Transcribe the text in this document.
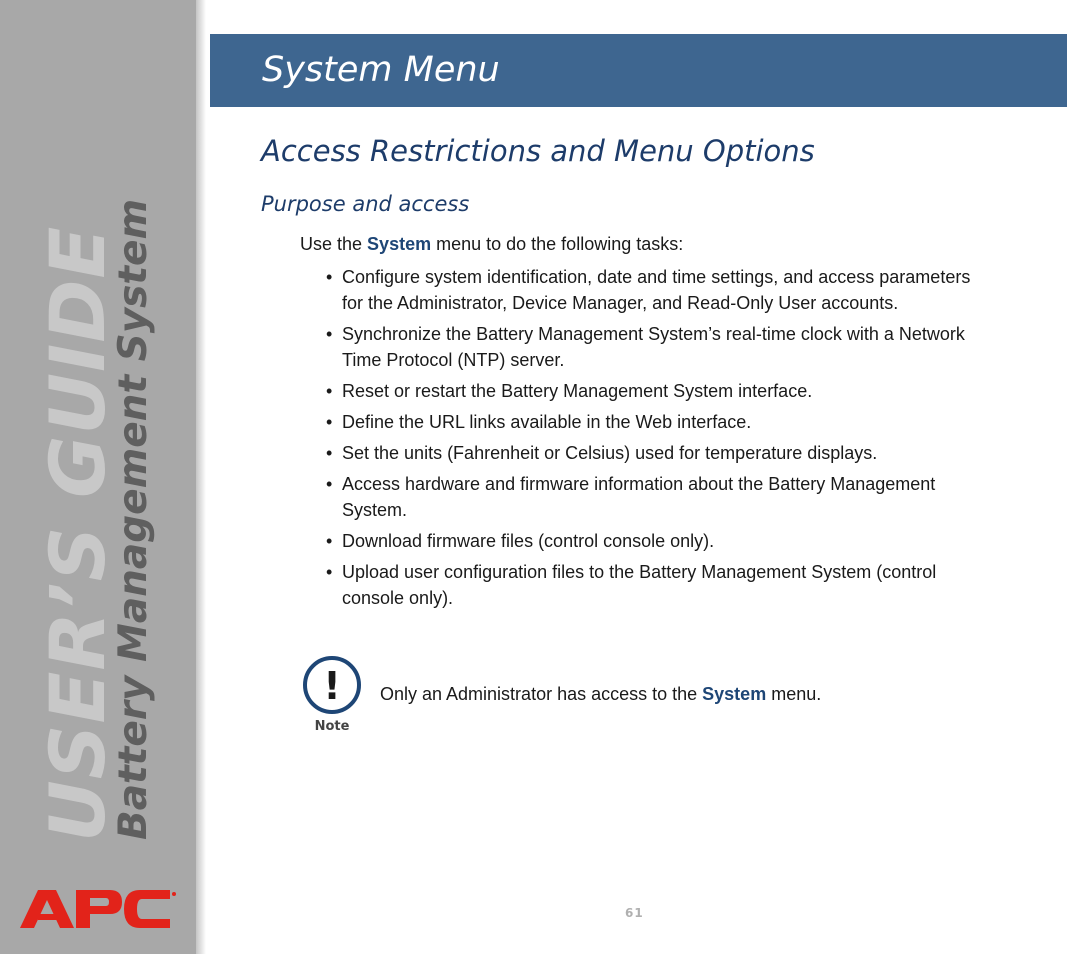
USER’S GUIDE
Battery Management System
System Menu
Access Restrictions and Menu Options
Purpose and access
Use the System menu to do the following tasks:
• Configure system identification, date and time settings, and access parameters for the Administrator, Device Manager, and Read-Only User accounts.
• Synchronize the Battery Management System’s real-time clock with a Network Time Protocol (NTP) server.
• Reset or restart the Battery Management System interface.
• Define the URL links available in the Web interface.
• Set the units (Fahrenheit or Celsius) used for temperature displays.
• Access hardware and firmware information about the Battery Management System.
• Download firmware files (control console only).
• Upload user configuration files to the Battery Management System (control console only).
!
Note
Only an Administrator has access to the System menu.
61
